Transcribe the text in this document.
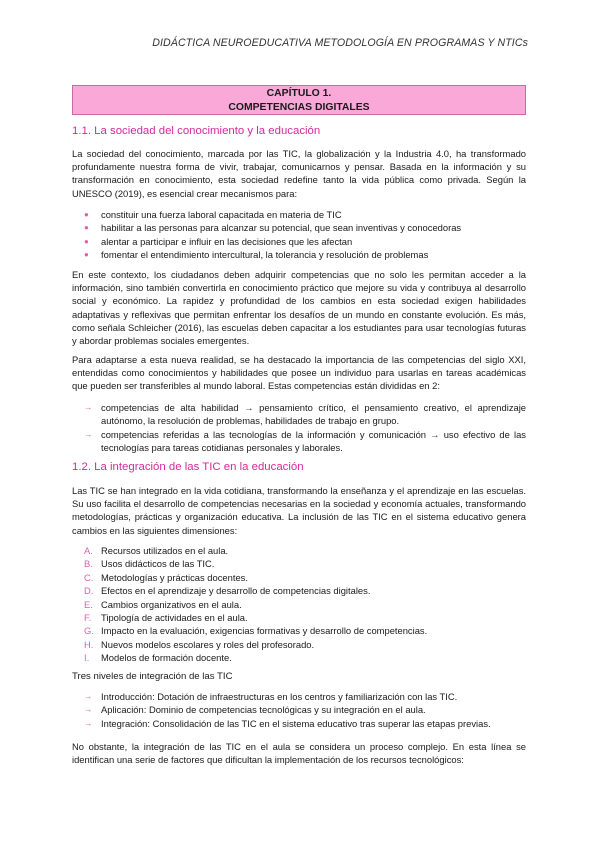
DIDÁCTICA NEUROEDUCATIVA METODOLOGÍA EN PROGRAMAS Y NTICs
CAPÍTULO 1.
COMPETENCIAS DIGITALES
1.1. La sociedad del conocimiento y la educación
La sociedad del conocimiento, marcada por las TIC, la globalización y la Industria 4.0, ha transformado profundamente nuestra forma de vivir, trabajar, comunicarnos y pensar. Basada en la información y su transformación en conocimiento, esta sociedad redefine tanto la vida pública como privada. Según la UNESCO (2019), es esencial crear mecanismos para:
● constituir una fuerza laboral capacitada en materia de TIC
● habilitar a las personas para alcanzar su potencial, que sean inventivas y conocedoras
● alentar a participar e influir en las decisiones que les afectan
● fomentar el entendimiento intercultural, la tolerancia y resolución de problemas
En este contexto, los ciudadanos deben adquirir competencias que no solo les permitan acceder a la información, sino también convertirla en conocimiento práctico que mejore su vida y contribuya al desarrollo social y económico. La rapidez y profundidad de los cambios en esta sociedad exigen habilidades adaptativas y reflexivas que permitan enfrentar los desafíos de un mundo en constante evolución. Es más, como señala Schleicher (2016), las escuelas deben capacitar a los estudiantes para usar tecnologías futuras y abordar problemas sociales emergentes.
Para adaptarse a esta nueva realidad, se ha destacado la importancia de las competencias del siglo XXI, entendidas como conocimientos y habilidades que posee un individuo para usarlas en tareas académicas que pueden ser transferibles al mundo laboral. Estas competencias están divididas en 2:
→ competencias de alta habilidad → pensamiento crítico, el pensamiento creativo, el aprendizaje autónomo, la resolución de problemas, habilidades de trabajo en grupo.
→ competencias referidas a las tecnologías de la información y comunicación → uso efectivo de las tecnologías para tareas cotidianas personales y laborales.
1.2. La integración de las TIC en la educación
Las TIC se han integrado en la vida cotidiana, transformando la enseñanza y el aprendizaje en las escuelas. Su uso facilita el desarrollo de competencias necesarias en la sociedad y economía actuales, transformando metodologías, prácticas y organización educativa. La inclusión de las TIC en el sistema educativo genera cambios en las siguientes dimensiones:
A. Recursos utilizados en el aula.
B. Usos didácticos de las TIC.
C. Metodologías y prácticas docentes.
D. Efectos en el aprendizaje y desarrollo de competencias digitales.
E. Cambios organizativos en el aula.
F. Tipología de actividades en el aula.
G. Impacto en la evaluación, exigencias formativas y desarrollo de competencias.
H. Nuevos modelos escolares y roles del profesorado.
I. Modelos de formación docente.
Tres niveles de integración de las TIC
→ Introducción: Dotación de infraestructuras en los centros y familiarización con las TIC.
→ Aplicación: Dominio de competencias tecnológicas y su integración en el aula.
→ Integración: Consolidación de las TIC en el sistema educativo tras superar las etapas previas.
No obstante, la integración de las TIC en el aula se considera un proceso complejo. En esta línea se identifican una serie de factores que dificultan la implementación de los recursos tecnológicos:
